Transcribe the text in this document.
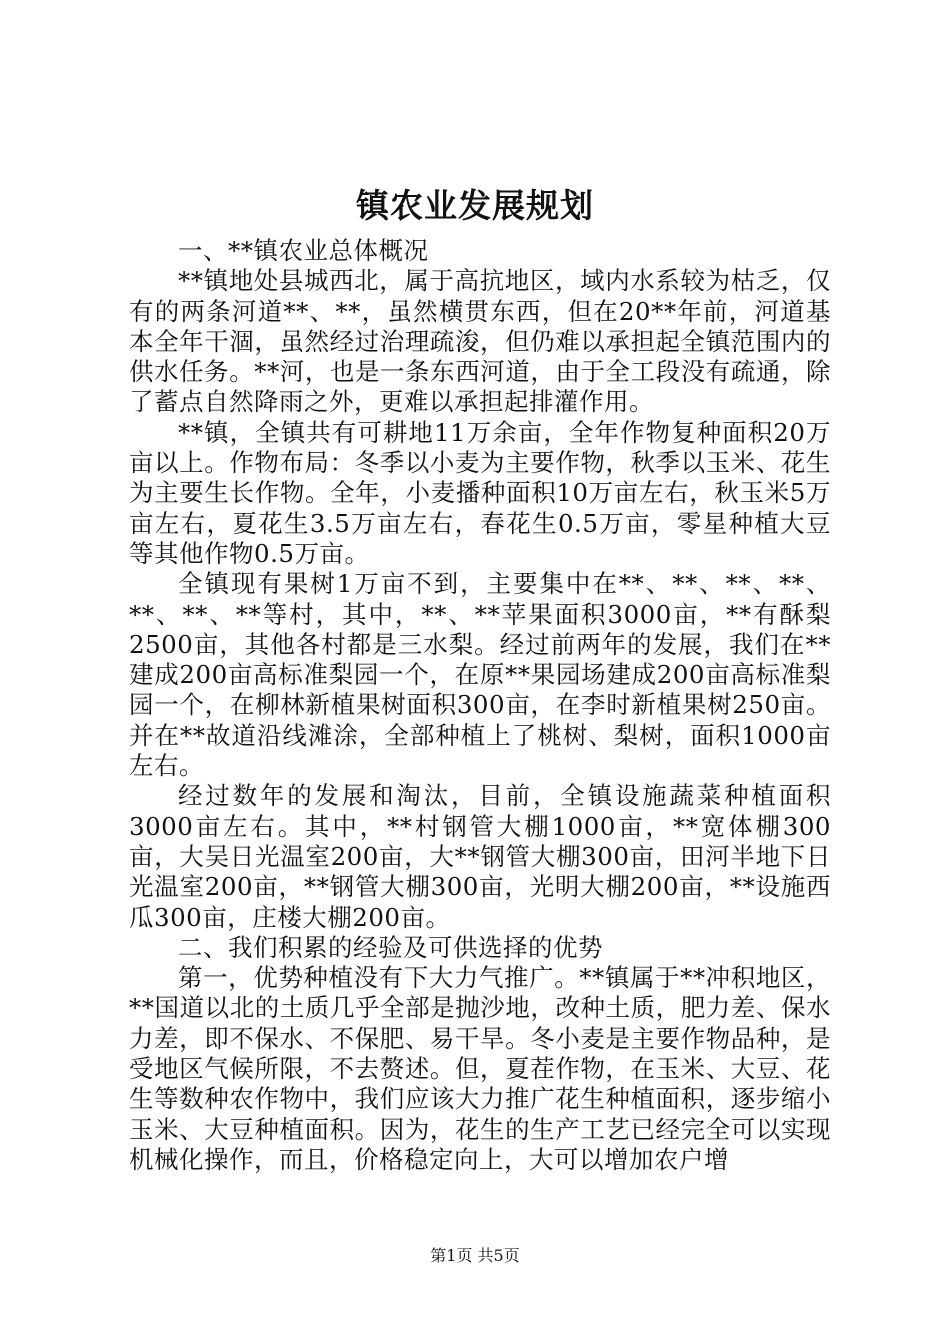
镇农业发展规划

一、**镇农业总体概况

**镇地处县城西北，属于高抗地区，域内水系较为枯乏，仅有的两条河道**、**，虽然横贯东西，但在20**年前，河道基本全年干涸，虽然经过治理疏浚，但仍难以承担起全镇范围内的供水任务。**河，也是一条东西河道，由于全工段没有疏通，除了蓄点自然降雨之外，更难以承担起排灌作用。

**镇，全镇共有可耕地11万余亩，全年作物复种面积20万亩以上。作物布局：冬季以小麦为主要作物，秋季以玉米、花生为主要生长作物。全年，小麦播种面积10万亩左右，秋玉米5万亩左右，夏花生3.5万亩左右，春花生0.5万亩，零星种植大豆等其他作物0.5万亩。

全镇现有果树1万亩不到，主要集中在**、**、**、**、**、**、**等村，其中，**、**苹果面积3000亩，**有酥梨2500亩，其他各村都是三水梨。经过前两年的发展，我们在**建成200亩高标准梨园一个，在原**果园场建成200亩高标准梨园一个，在柳林新植果树面积300亩，在李时新植果树250亩。并在**故道沿线滩涂，全部种植上了桃树、梨树，面积1000亩左右。

经过数年的发展和淘汰，目前，全镇设施蔬菜种植面积3000亩左右。其中，**村钢管大棚1000亩，**宽体棚300亩，大吴日光温室200亩，大**钢管大棚300亩，田河半地下日光温室200亩，**钢管大棚300亩，光明大棚200亩，**设施西瓜300亩，庄楼大棚200亩。

二、我们积累的经验及可供选择的优势

第一，优势种植没有下大力气推广。**镇属于**冲积地区，**国道以北的土质几乎全部是抛沙地，改种土质，肥力差、保水力差，即不保水、不保肥、易干旱。冬小麦是主要作物品种，是受地区气候所限，不去赘述。但，夏茬作物，在玉米、大豆、花生等数种农作物中，我们应该大力推广花生种植面积，逐步缩小玉米、大豆种植面积。因为，花生的生产工艺已经完全可以实现机械化操作，而且，价格稳定向上，大可以增加农户增

第1页 共5页
